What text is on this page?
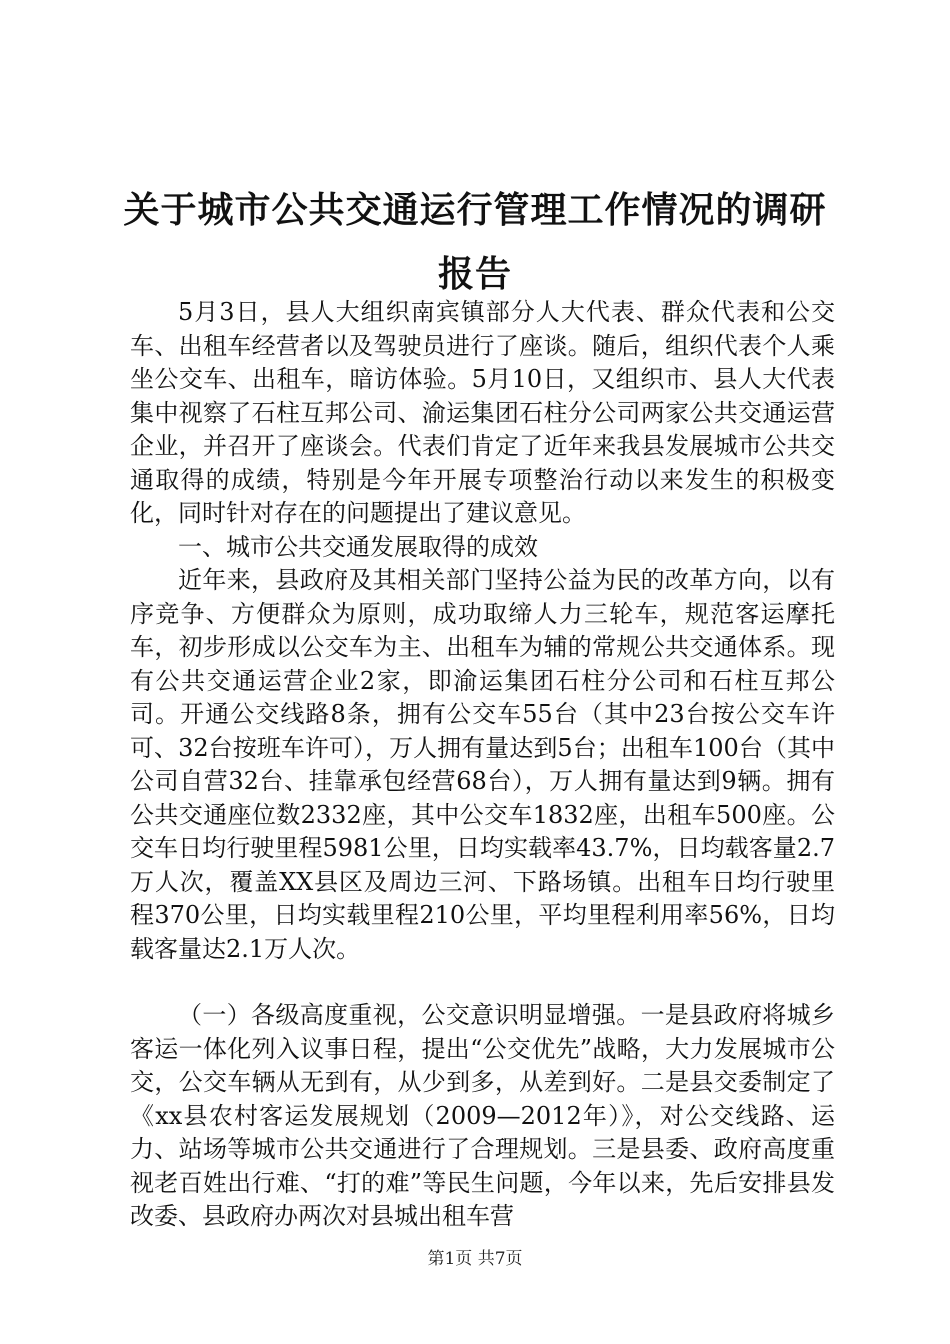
关于城市公共交通运行管理工作情况的调研报告

5月3日，县人大组织南宾镇部分人大代表、群众代表和公交车、出租车经营者以及驾驶员进行了座谈。随后，组织代表个人乘坐公交车、出租车，暗访体验。5月10日，又组织市、县人大代表集中视察了石柱互邦公司、渝运集团石柱分公司两家公共交通运营企业，并召开了座谈会。代表们肯定了近年来我县发展城市公共交通取得的成绩，特别是今年开展专项整治行动以来发生的积极变化，同时针对存在的问题提出了建议意见。

一、城市公共交通发展取得的成效

近年来，县政府及其相关部门坚持公益为民的改革方向，以有序竞争、方便群众为原则，成功取缔人力三轮车，规范客运摩托车，初步形成以公交车为主、出租车为辅的常规公共交通体系。现有公共交通运营企业2家，即渝运集团石柱分公司和石柱互邦公司。开通公交线路8条，拥有公交车55台（其中23台按公交车许可、32台按班车许可），万人拥有量达到5台；出租车100台（其中公司自营32台、挂靠承包经营68台），万人拥有量达到9辆。拥有公共交通座位数2332座，其中公交车1832座，出租车500座。公交车日均行驶里程5981公里，日均实载率43.7%，日均载客量2.7万人次，覆盖XX县区及周边三河、下路场镇。出租车日均行驶里程370公里，日均实载里程210公里，平均里程利用率56%，日均载客量达2.1万人次。

（一）各级高度重视，公交意识明显增强。一是县政府将城乡客运一体化列入议事日程，提出“公交优先”战略，大力发展城市公交，公交车辆从无到有，从少到多，从差到好。二是县交委制定了《xx县农村客运发展规划（2009—2012年）》，对公交线路、运力、站场等城市公共交通进行了合理规划。三是县委、政府高度重视老百姓出行难、“打的难”等民生问题，今年以来，先后安排县发改委、县政府办两次对县城出租车营

第1页 共7页
